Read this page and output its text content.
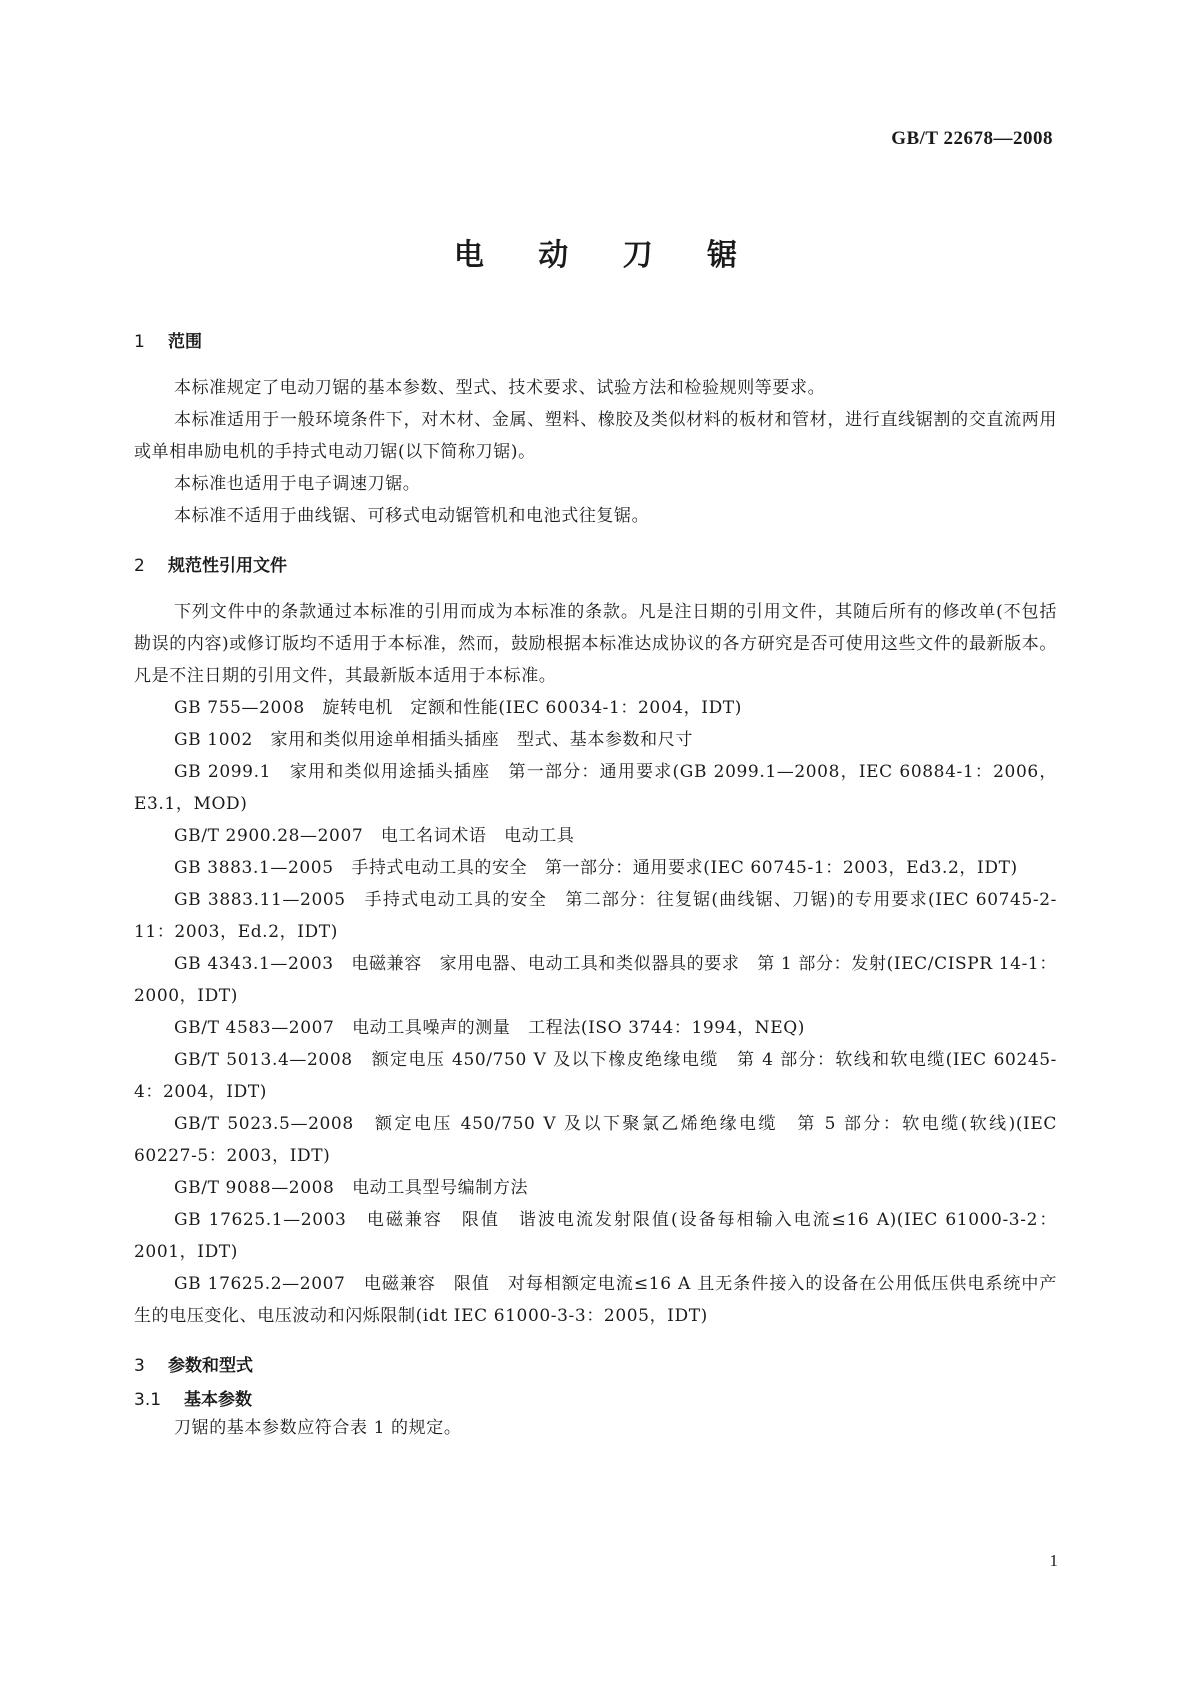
GB/T 22678—2008
电 动 刀 锯
1 范围

本标准规定了电动刀锯的基本参数、型式、技术要求、试验方法和检验规则等要求。

本标准适用于一般环境条件下，对木材、金属、塑料、橡胶及类似材料的板材和管材，进行直线锯割的交直流两用或单相串励电机的手持式电动刀锯(以下简称刀锯)。

本标准也适用于电子调速刀锯。

本标准不适用于曲线锯、可移式电动锯管机和电池式往复锯。

2 规范性引用文件

下列文件中的条款通过本标准的引用而成为本标准的条款。凡是注日期的引用文件，其随后所有的修改单(不包括勘误的内容)或修订版均不适用于本标准，然而，鼓励根据本标准达成协议的各方研究是否可使用这些文件的最新版本。凡是不注日期的引用文件，其最新版本适用于本标准。

GB 755—2008　旋转电机　定额和性能(IEC 60034-1：2004，IDT)

GB 1002　家用和类似用途单相插头插座　型式、基本参数和尺寸

GB 2099.1　家用和类似用途插头插座　第一部分：通用要求(GB 2099.1—2008，IEC 60884-1：2006，E3.1，MOD)

GB/T 2900.28—2007　电工名词术语　电动工具

GB 3883.1—2005　手持式电动工具的安全　第一部分：通用要求(IEC 60745-1：2003，Ed3.2，IDT)

GB 3883.11—2005　手持式电动工具的安全　第二部分：往复锯(曲线锯、刀锯)的专用要求(IEC 60745-2-11：2003，Ed.2，IDT)

GB 4343.1—2003　电磁兼容　家用电器、电动工具和类似器具的要求　第 1 部分：发射(IEC/CISPR 14-1：2000，IDT)

GB/T 4583—2007　电动工具噪声的测量　工程法(ISO 3744：1994，NEQ)

GB/T 5013.4—2008　额定电压 450/750 V 及以下橡皮绝缘电缆　第 4 部分：软线和软电缆(IEC 60245-4：2004，IDT)

GB/T 5023.5—2008　额定电压 450/750 V 及以下聚氯乙烯绝缘电缆　第 5 部分：软电缆(软线)(IEC 60227-5：2003，IDT)

GB/T 9088—2008　电动工具型号编制方法

GB 17625.1—2003　电磁兼容　限值　谐波电流发射限值(设备每相输入电流≤16 A)(IEC 61000-3-2：2001，IDT)

GB 17625.2—2007　电磁兼容　限值　对每相额定电流≤16 A 且无条件接入的设备在公用低压供电系统中产生的电压变化、电压波动和闪烁限制(idt IEC 61000-3-3：2005，IDT)

3 参数和型式
3.1 基本参数

刀锯的基本参数应符合表 1 的规定。

1
